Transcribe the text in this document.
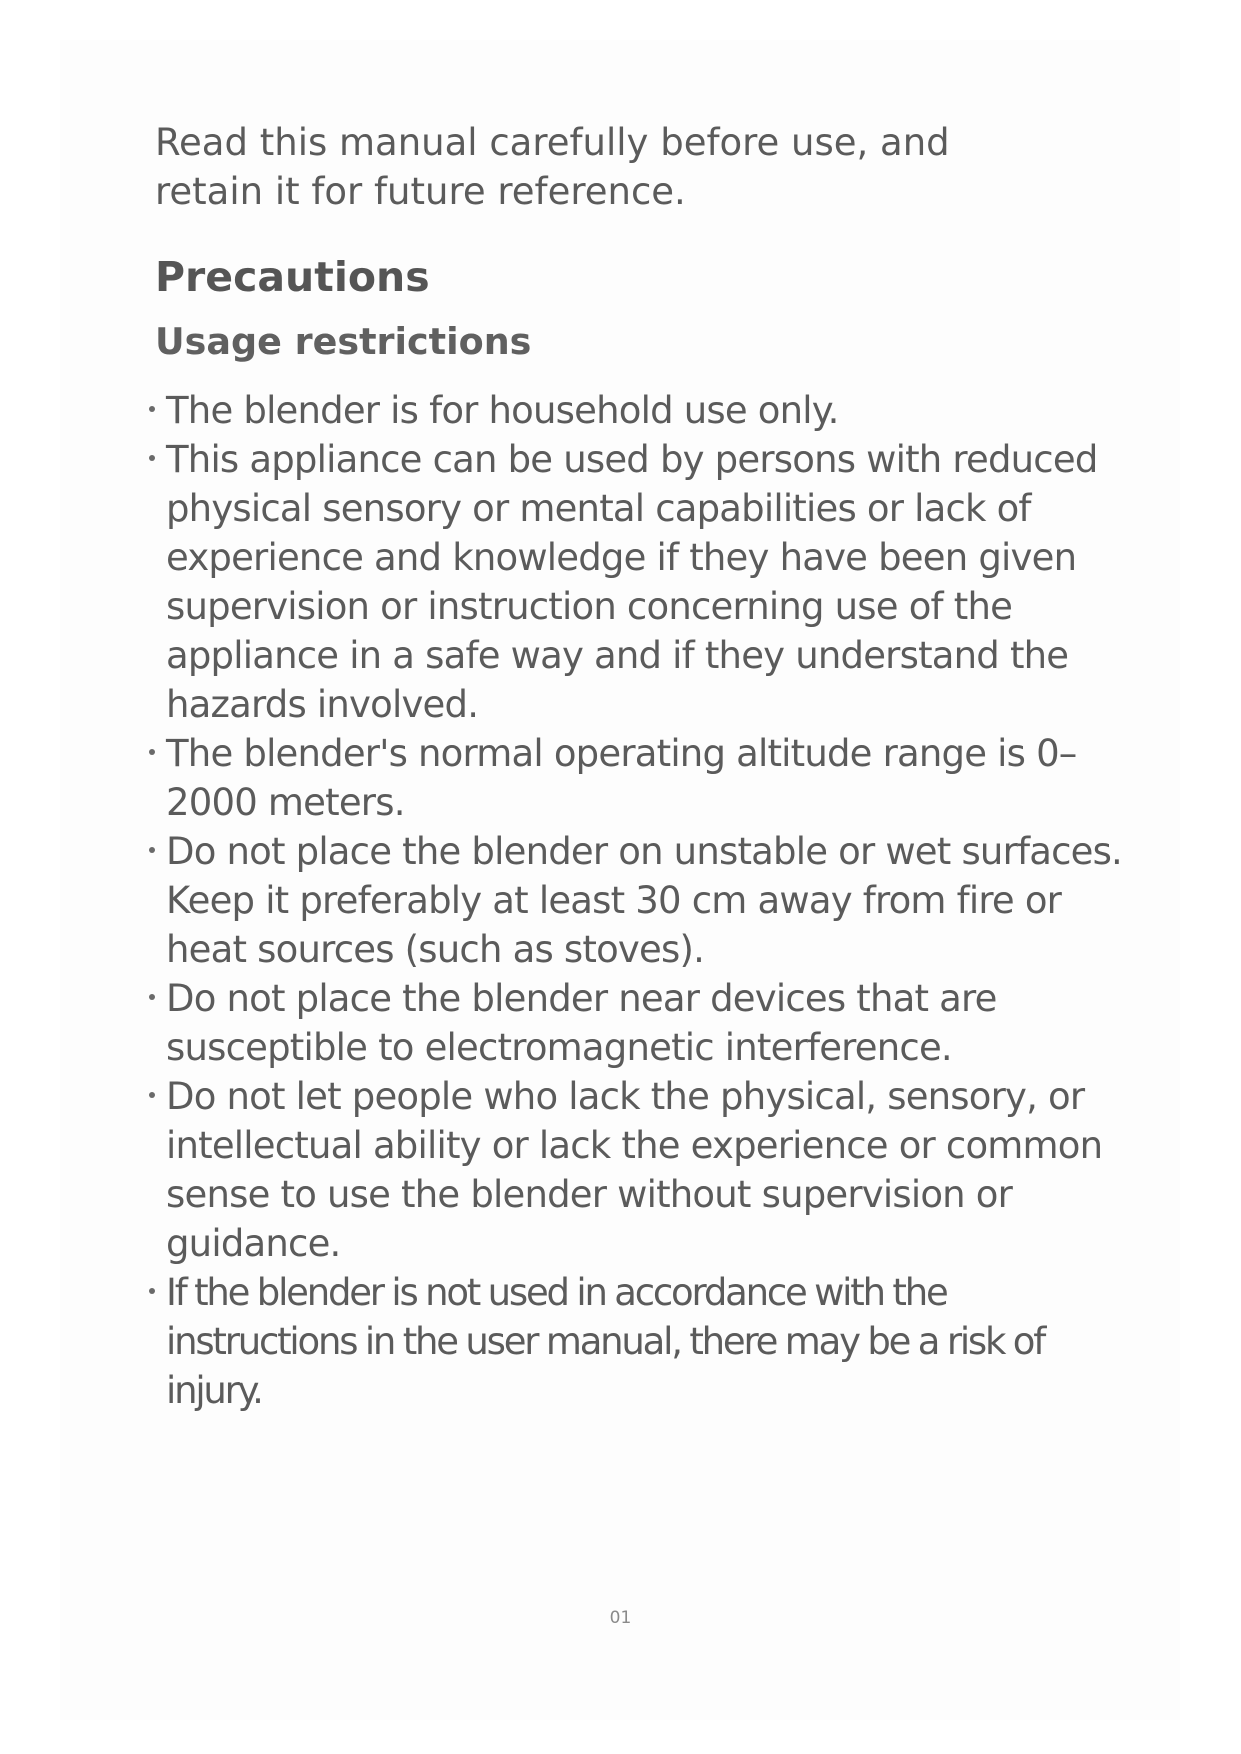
Read this manual carefully before use, and retain it for future reference.

Precautions
Usage restrictions
The blender is for household use only.
This appliance can be used by persons with reduced physical sensory or mental capabilities or lack of experience and knowledge if they have been given supervision or instruction concerning use of the appliance in a safe way and if they understand the hazards involved.
The blender's normal operating altitude range is 0–2000 meters.
Do not place the blender on unstable or wet surfaces. Keep it preferably at least 30 cm away from fire or heat sources (such as stoves).
Do not place the blender near devices that are susceptible to electromagnetic interference.
Do not let people who lack the physical, sensory, or intellectual ability or lack the experience or common sense to use the blender without supervision or guidance.
If the blender is not used in accordance with the instructions in the user manual, there may be a risk of injury.
01
